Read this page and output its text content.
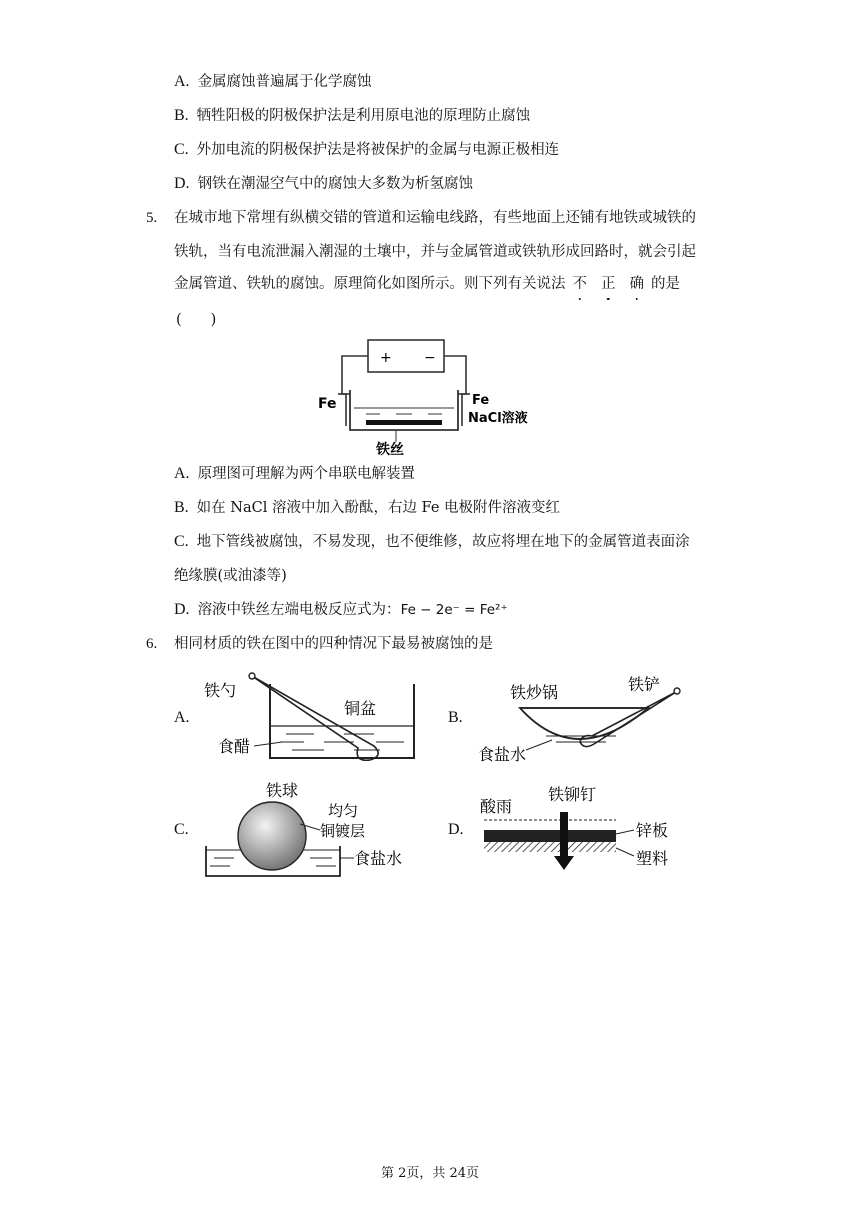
A. 金属腐蚀普遍属于化学腐蚀
B. 牺牲阳极的阴极保护法是利用原电池的原理防止腐蚀
C. 外加电流的阴极保护法是将被保护的金属与电源正极相连
D. 钢铁在潮湿空气中的腐蚀大多数为析氢腐蚀
5. 在城市地下常埋有纵横交错的管道和运输电线路，有些地面上还铺有地铁或城铁的
铁轨，当有电流泄漏入潮湿的土壤中，并与金属管道或铁轨形成回路时，就会引起
金属管道、铁轨的腐蚀。原理简化如图所示。则下列有关说法 不 正 确 的是
(　　)
+ −
Fe	Fe
NaCl溶液
铁丝
A. 原理图可理解为两个串联电解装置
B. 如在 NaCl 溶液中加入酚酞，右边 Fe 电极附件溶液变红
C. 地下管线被腐蚀，不易发现，也不便维修，故应将埋在地下的金属管道表面涂
绝缘膜(或油漆等)
D. 溶液中铁丝左端电极反应式为：Fe − 2e⁻ = Fe²⁺
6. 相同材质的铁在图中的四种情况下最易被腐蚀的是
A.
铁勺
铜盆
食醋
B.
铁炒锅	铁铲
食盐水
C.
铁球
均匀
铜镀层
食盐水
D.
酸雨
铁铆钉
锌板
塑料
第 2页，共 24页
